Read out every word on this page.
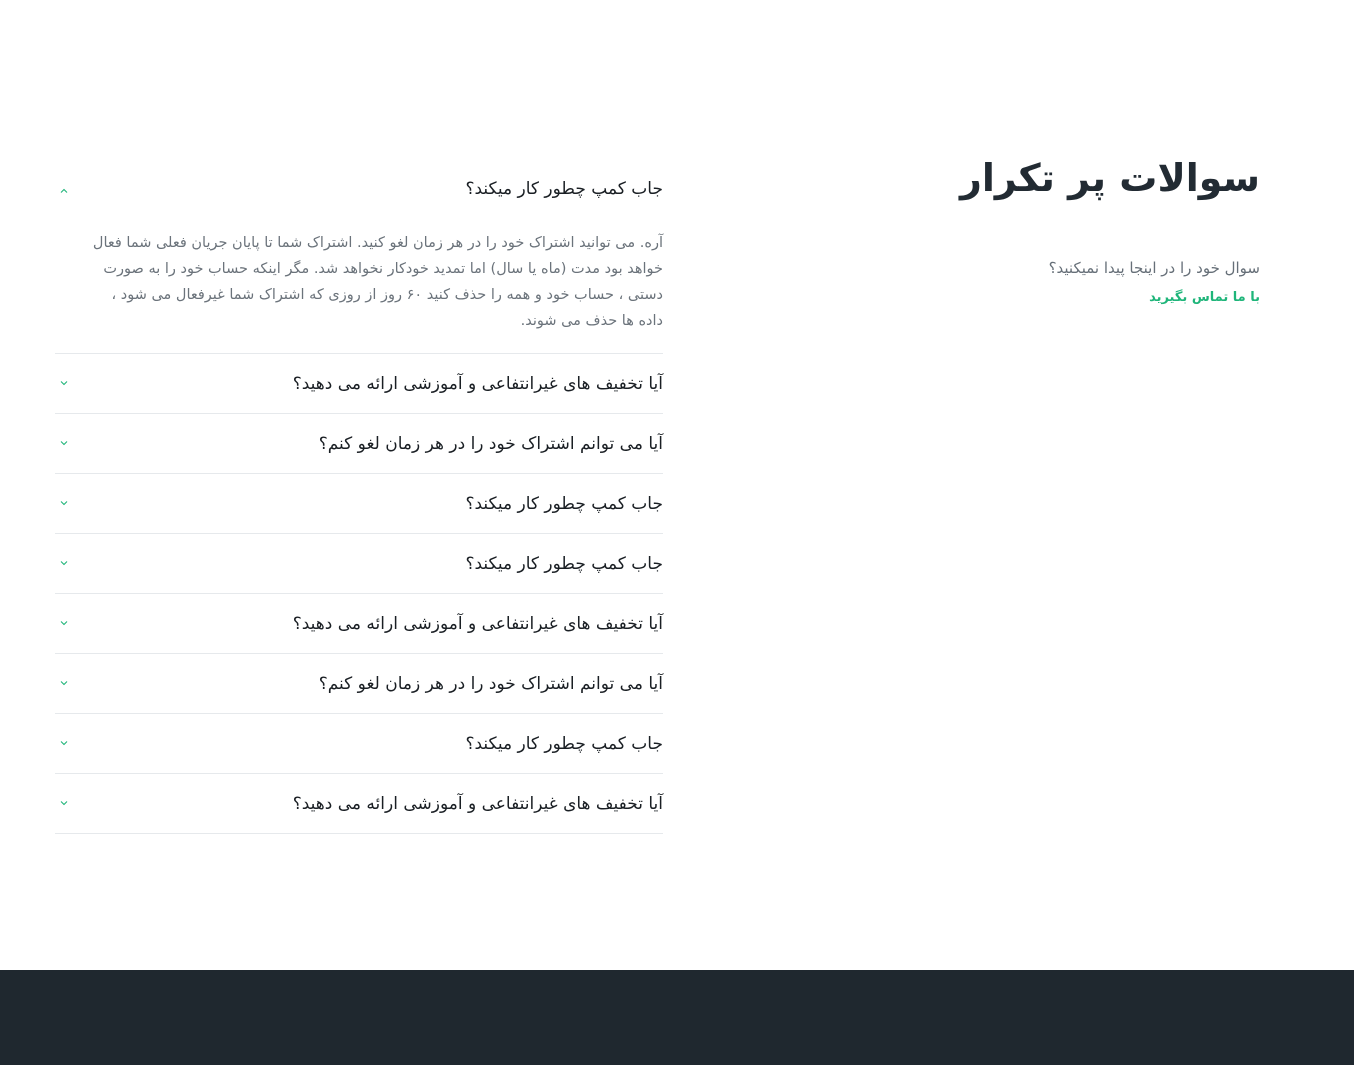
سوالات پر تکرار
سوال خود را در اینجا پیدا نمیکنید؟
با ما تماس بگیرید
جاب کمپ چطور کار میکند؟
آره. می توانید اشتراک خود را در هر زمان لغو کنید. اشتراک شما تا پایان جریان فعلی شما فعال خواهد بود مدت (ماه یا سال) اما تمدید خودکار نخواهد شد. مگر اینکه حساب خود را به صورت دستی ، حساب خود و همه را حذف کنید ۶۰ روز از روزی که اشتراک شما غیرفعال می شود ، داده ها حذف می شوند.
آیا تخفیف های غیرانتفاعی و آموزشی ارائه می دهید؟
آیا می توانم اشتراک خود را در هر زمان لغو کنم؟
جاب کمپ چطور کار میکند؟
جاب کمپ چطور کار میکند؟
آیا تخفیف های غیرانتفاعی و آموزشی ارائه می دهید؟
آیا می توانم اشتراک خود را در هر زمان لغو کنم؟
جاب کمپ چطور کار میکند؟
آیا تخفیف های غیرانتفاعی و آموزشی ارائه می دهید؟
